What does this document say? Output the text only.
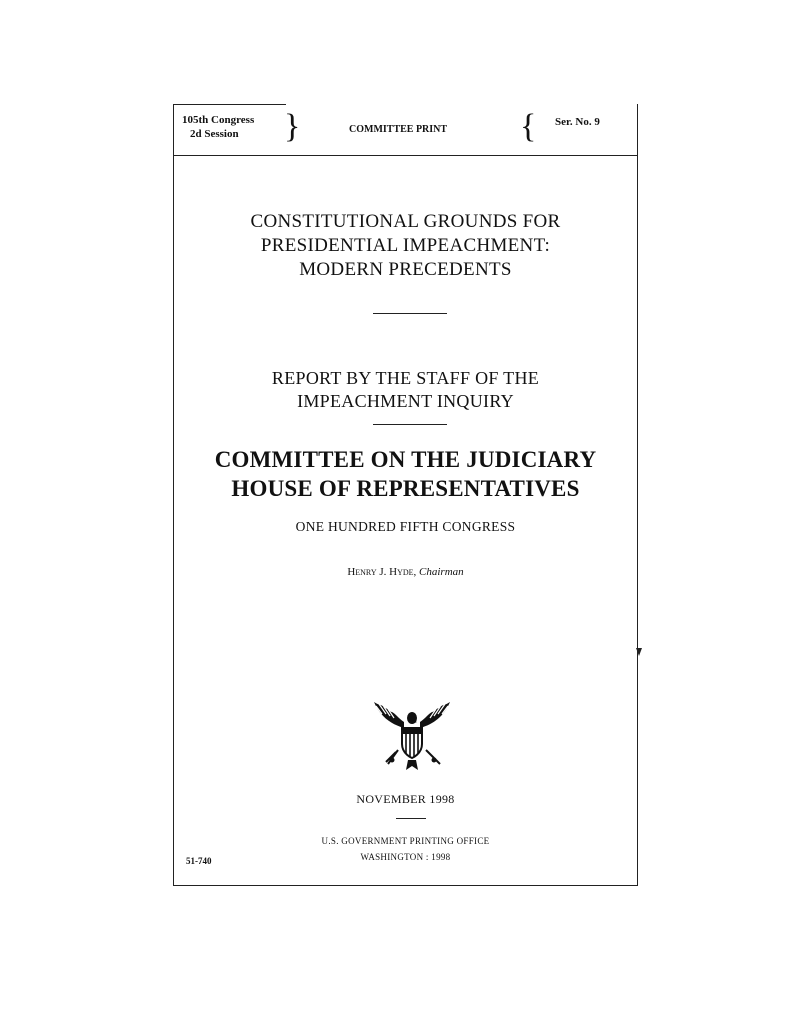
105th Congress
2d Session }	COMMITTEE PRINT { Ser. No. 9
CONSTITUTIONAL GROUNDS FOR
PRESIDENTIAL IMPEACHMENT:
MODERN PRECEDENTS
REPORT BY THE STAFF OF THE
IMPEACHMENT INQUIRY
COMMITTEE ON THE JUDICIARY
HOUSE OF REPRESENTATIVES
ONE HUNDRED FIFTH CONGRESS
Henry J. Hyde, Chairman
NOVEMBER 1998
U.S. GOVERNMENT PRINTING OFFICE
WASHINGTON : 1998
51-740
